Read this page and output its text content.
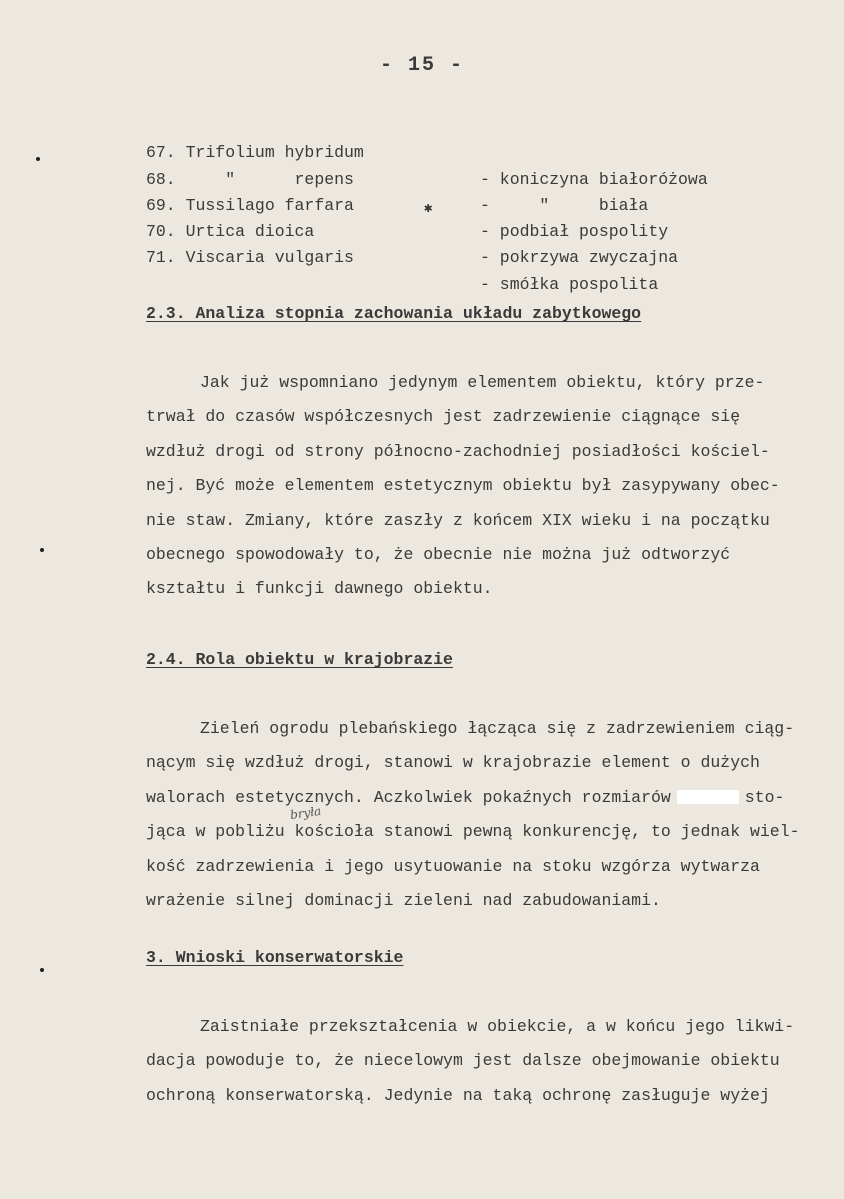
- 15 -
✱

67. Trifolium hybridum

- koniczyna białoróżowa

68.     "      repens

-     "     biała

69. Tussilago farfara

- podbiał pospolity

70. Urtica dioica

- pokrzywa zwyczajna

71. Viscaria vulgaris

- smółka pospolita

2.3. Analiza stopnia zachowania układu zabytkowego
Jak już wspomniano jedynym elementem obiektu, który prze-
trwał do czasów współczesnych jest zadrzewienie ciągnące się
wzdłuż drogi od strony północno-zachodniej posiadłości kościel-
nej. Być może elementem estetycznym obiektu był zasypywany obec-
nie staw. Zmiany, które zaszły z końcem XIX wieku i na początku
obecnego spowodowały to, że obecnie nie można już odtworzyć
kształtu i funkcji dawnego obiektu.
2.4. Rola obiektu w krajobrazie
Zieleń ogrodu plebańskiego łącząca się z zadrzewieniem ciąg-
nącym się wzdłuż drogi, stanowi w krajobrazie element o dużych
walorach estetycznych. Aczkolwiek pokaźnych rozmiarów	sto-
jąca w pobliżu kościoła stanowi pewną konkurencję, to jednak wiel-
kość zadrzewienia i jego usytuowanie na stoku wzgórza wytwarza
wrażenie silnej dominacji zieleni nad zabudowaniami.
bryła
3. Wnioski konserwatorskie
Zaistniałe przekształcenia w obiekcie, a w końcu jego likwi-
dacja powoduje to, że niecelowym jest dalsze obejmowanie obiektu
ochroną konserwatorską. Jedynie na taką ochronę zasługuje wyżej
